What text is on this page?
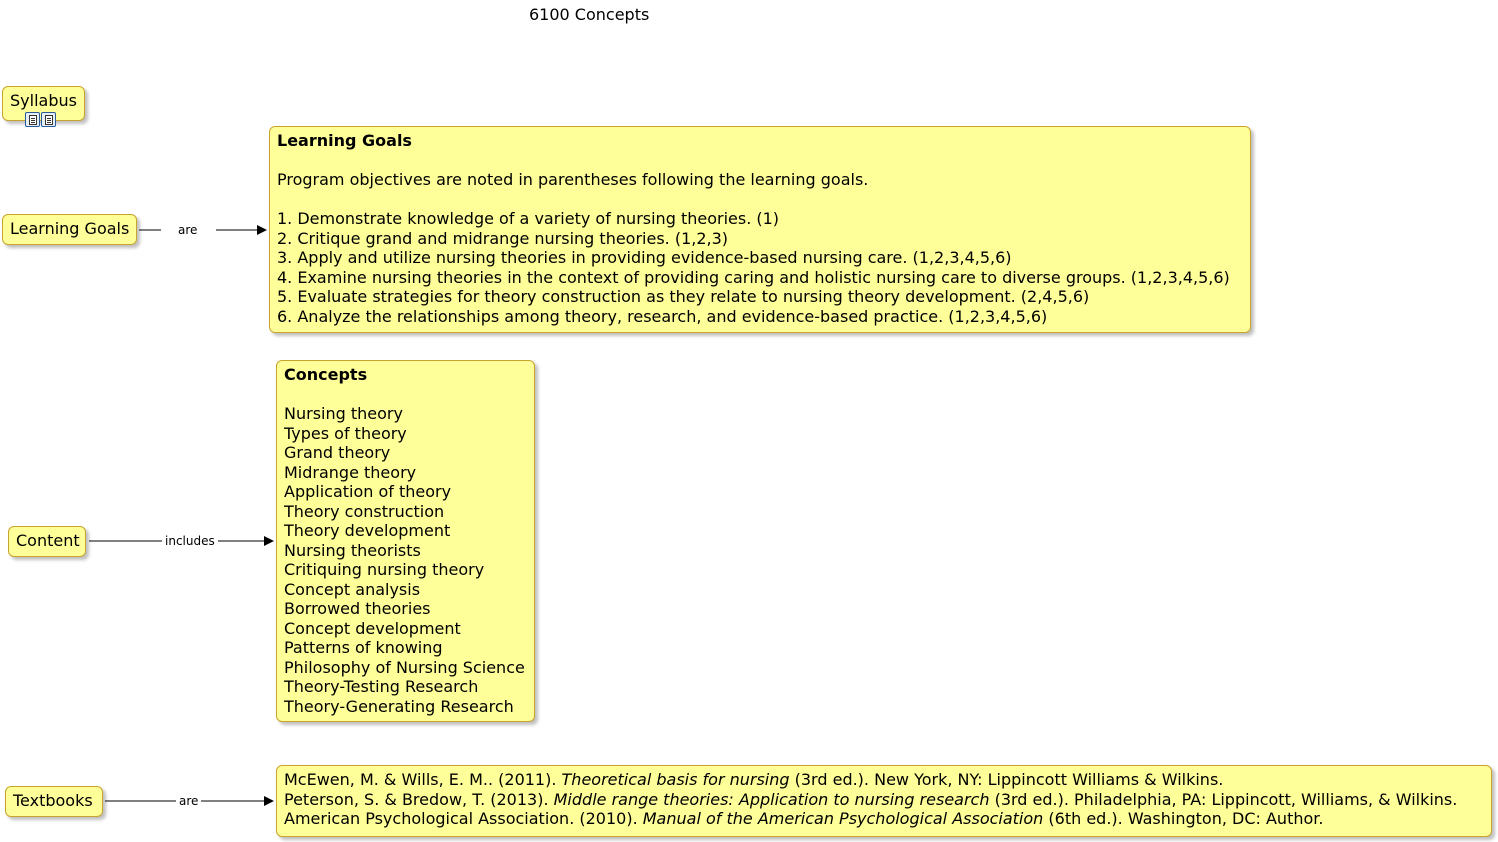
6100 Concepts
are
includes
are
Syllabus
Learning Goals
Content
Textbooks
Learning Goals
Program objectives are noted in parentheses following the learning goals.
1. Demonstrate knowledge of a variety of nursing theories. (1)
2. Critique grand and midrange nursing theories. (1,2,3)
3. Apply and utilize nursing theories in providing evidence-based nursing care. (1,2,3,4,5,6)
4. Examine nursing theories in the context of providing caring and holistic nursing care to diverse groups. (1,2,3,4,5,6)
5. Evaluate strategies for theory construction as they relate to nursing theory development. (2,4,5,6)
6. Analyze the relationships among theory, research, and evidence-based practice. (1,2,3,4,5,6)
Concepts
Nursing theory
Types of theory
Grand theory
Midrange theory
Application of theory
Theory construction
Theory development
Nursing theorists
Critiquing nursing theory
Concept analysis
Borrowed theories
Concept development
Patterns of knowing
Philosophy of Nursing Science
Theory-Testing Research
Theory-Generating Research
McEwen, M. & Wills, E. M.. (2011). Theoretical basis for nursing (3rd ed.). New York, NY: Lippincott Williams & Wilkins.
Peterson, S. & Bredow, T. (2013). Middle range theories: Application to nursing research (3rd ed.). Philadelphia, PA: Lippincott, Williams, & Wilkins.
American Psychological Association. (2010). Manual of the American Psychological Association (6th ed.). Washington, DC: Author.
